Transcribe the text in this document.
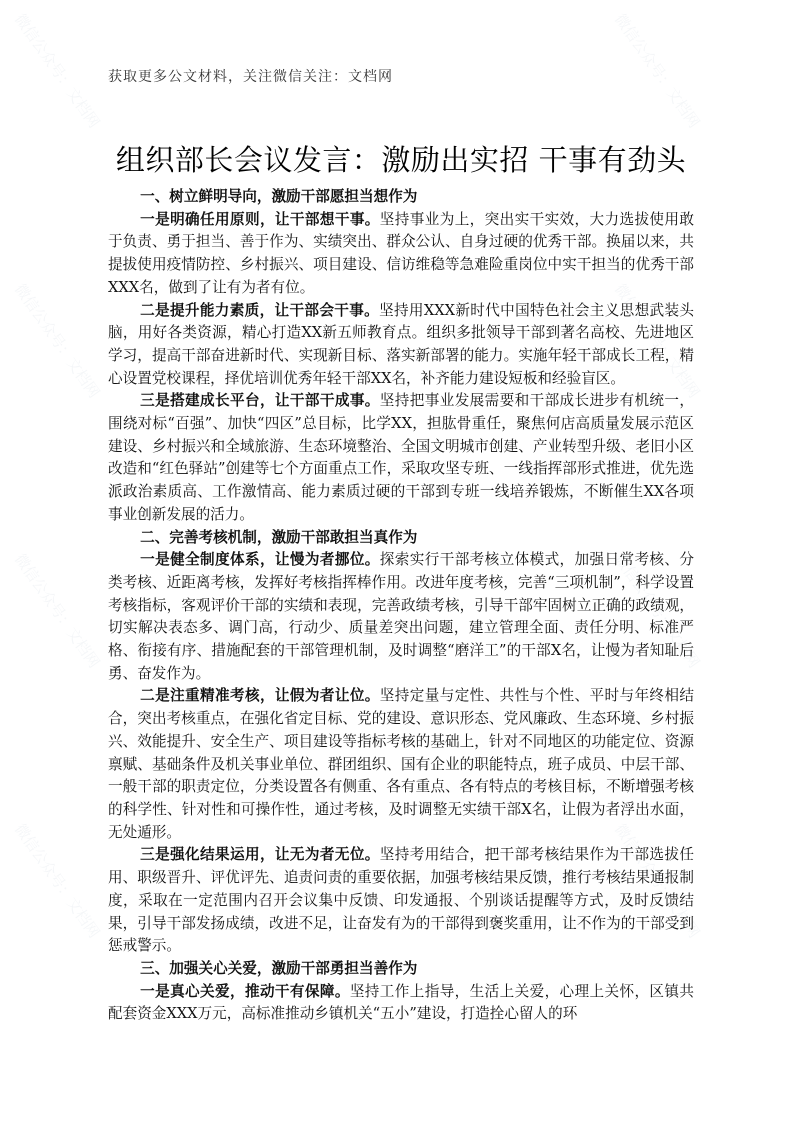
微信公众号：文档网
微信公众号：文档网
微信公众号：文档网
微信公众号：文档网
微信公众号：文档网
微信公众号：文档网
微信公众号：文档网
微信公众号：文档网
获取更多公文材料，关注微信关注：文档网
组织部长会议发言：激励出实招 干事有劲头

一、树立鲜明导向，激励干部愿担当想作为

一是明确任用原则，让干部想干事。坚持事业为上，突出实干实效，大力选拔使用敢于负责、勇于担当、善于作为、实绩突出、群众公认、自身过硬的优秀干部。换届以来，共提拔使用疫情防控、乡村振兴、项目建设、信访维稳等急难险重岗位中实干担当的优秀干部XXX名，做到了让有为者有位。

二是提升能力素质，让干部会干事。坚持用XXX新时代中国特色社会主义思想武装头脑，用好各类资源，精心打造XX新五师教育点。组织多批领导干部到著名高校、先进地区学习，提高干部奋进新时代、实现新目标、落实新部署的能力。实施年轻干部成长工程，精心设置党校课程，择优培训优秀年轻干部XX名，补齐能力建设短板和经验盲区。

三是搭建成长平台，让干部干成事。坚持把事业发展需要和干部成长进步有机统一，围绕对标“百强”、加快“四区”总目标，比学XX，担肱骨重任，聚焦何店高质量发展示范区建设、乡村振兴和全域旅游、生态环境整治、全国文明城市创建、产业转型升级、老旧小区改造和“红色驿站”创建等七个方面重点工作，采取攻坚专班、一线指挥部形式推进，优先选派政治素质高、工作激情高、能力素质过硬的干部到专班一线培养锻炼，不断催生XX各项事业创新发展的活力。

二、完善考核机制，激励干部敢担当真作为

一是健全制度体系，让慢为者挪位。探索实行干部考核立体模式，加强日常考核、分类考核、近距离考核，发挥好考核指挥棒作用。改进年度考核，完善“三项机制”，科学设置考核指标，客观评价干部的实绩和表现，完善政绩考核，引导干部牢固树立正确的政绩观，切实解决表态多、调门高，行动少、质量差突出问题，建立管理全面、责任分明、标准严格、衔接有序、措施配套的干部管理机制，及时调整“磨洋工”的干部X名，让慢为者知耻后勇、奋发作为。

二是注重精准考核，让假为者让位。坚持定量与定性、共性与个性、平时与年终相结合，突出考核重点，在强化省定目标、党的建设、意识形态、党风廉政、生态环境、乡村振兴、效能提升、安全生产、项目建设等指标考核的基础上，针对不同地区的功能定位、资源禀赋、基础条件及机关事业单位、群团组织、国有企业的职能特点，班子成员、中层干部、一般干部的职责定位，分类设置各有侧重、各有重点、各有特点的考核目标，不断增强考核的科学性、针对性和可操作性，通过考核，及时调整无实绩干部X名，让假为者浮出水面，无处遁形。

三是强化结果运用，让无为者无位。坚持考用结合，把干部考核结果作为干部选拔任用、职级晋升、评优评先、追责问责的重要依据，加强考核结果反馈，推行考核结果通报制度，采取在一定范围内召开会议集中反馈、印发通报、个别谈话提醒等方式，及时反馈结果，引导干部发扬成绩，改进不足，让奋发有为的干部得到褒奖重用，让不作为的干部受到惩戒警示。

三、加强关心关爱，激励干部勇担当善作为

一是真心关爱，推动干有保障。坚持工作上指导，生活上关爱，心理上关怀，区镇共配套资金XXX万元，高标准推动乡镇机关“五小”建设，打造拴心留人的环
